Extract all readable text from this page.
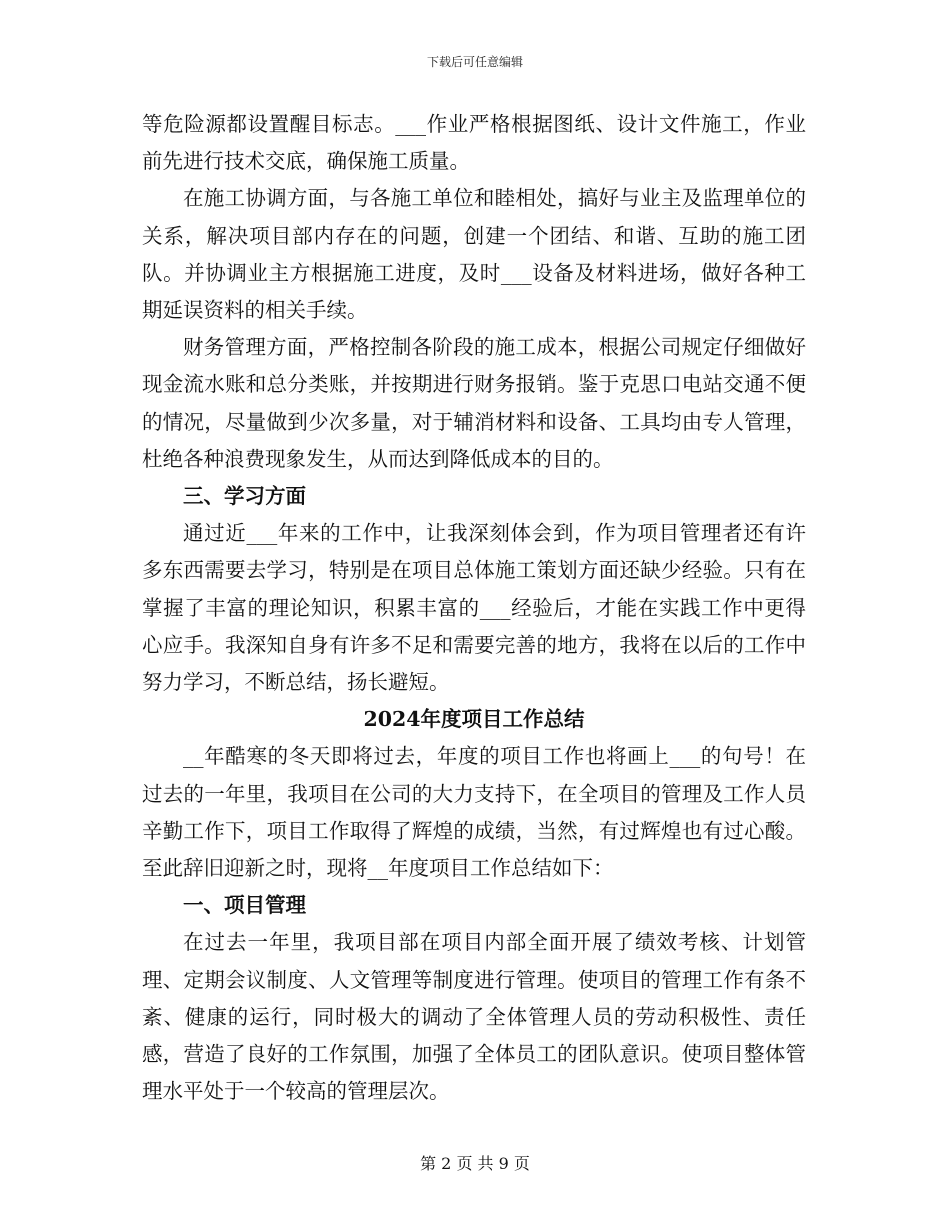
下载后可任意编辑

等危险源都设置醒目标志。___作业严格根据图纸、设计文件施工，作业前先进行技术交底，确保施工质量。

在施工协调方面，与各施工单位和睦相处，搞好与业主及监理单位的关系，解决项目部内存在的问题，创建一个团结、和谐、互助的施工团队。并协调业主方根据施工进度，及时___设备及材料进场，做好各种工期延误资料的相关手续。

财务管理方面，严格控制各阶段的施工成本，根据公司规定仔细做好现金流水账和总分类账，并按期进行财务报销。鉴于克思口电站交通不便的情况，尽量做到少次多量，对于辅消材料和设备、工具均由专人管理，杜绝各种浪费现象发生，从而达到降低成本的目的。

三、学习方面

通过近___年来的工作中，让我深刻体会到，作为项目管理者还有许多东西需要去学习，特别是在项目总体施工策划方面还缺少经验。只有在掌握了丰富的理论知识，积累丰富的___经验后，才能在实践工作中更得心应手。我深知自身有许多不足和需要完善的地方，我将在以后的工作中努力学习，不断总结，扬长避短。

2024年度项目工作总结

__年酷寒的冬天即将过去，年度的项目工作也将画上___的句号！在过去的一年里，我项目在公司的大力支持下，在全项目的管理及工作人员辛勤工作下，项目工作取得了辉煌的成绩，当然，有过辉煌也有过心酸。至此辞旧迎新之时，现将__年度项目工作总结如下：

一、项目管理

在过去一年里，我项目部在项目内部全面开展了绩效考核、计划管理、定期会议制度、人文管理等制度进行管理。使项目的管理工作有条不紊、健康的运行，同时极大的调动了全体管理人员的劳动积极性、责任感，营造了良好的工作氛围，加强了全体员工的团队意识。使项目整体管理水平处于一个较高的管理层次。

第 2 页 共 9 页
